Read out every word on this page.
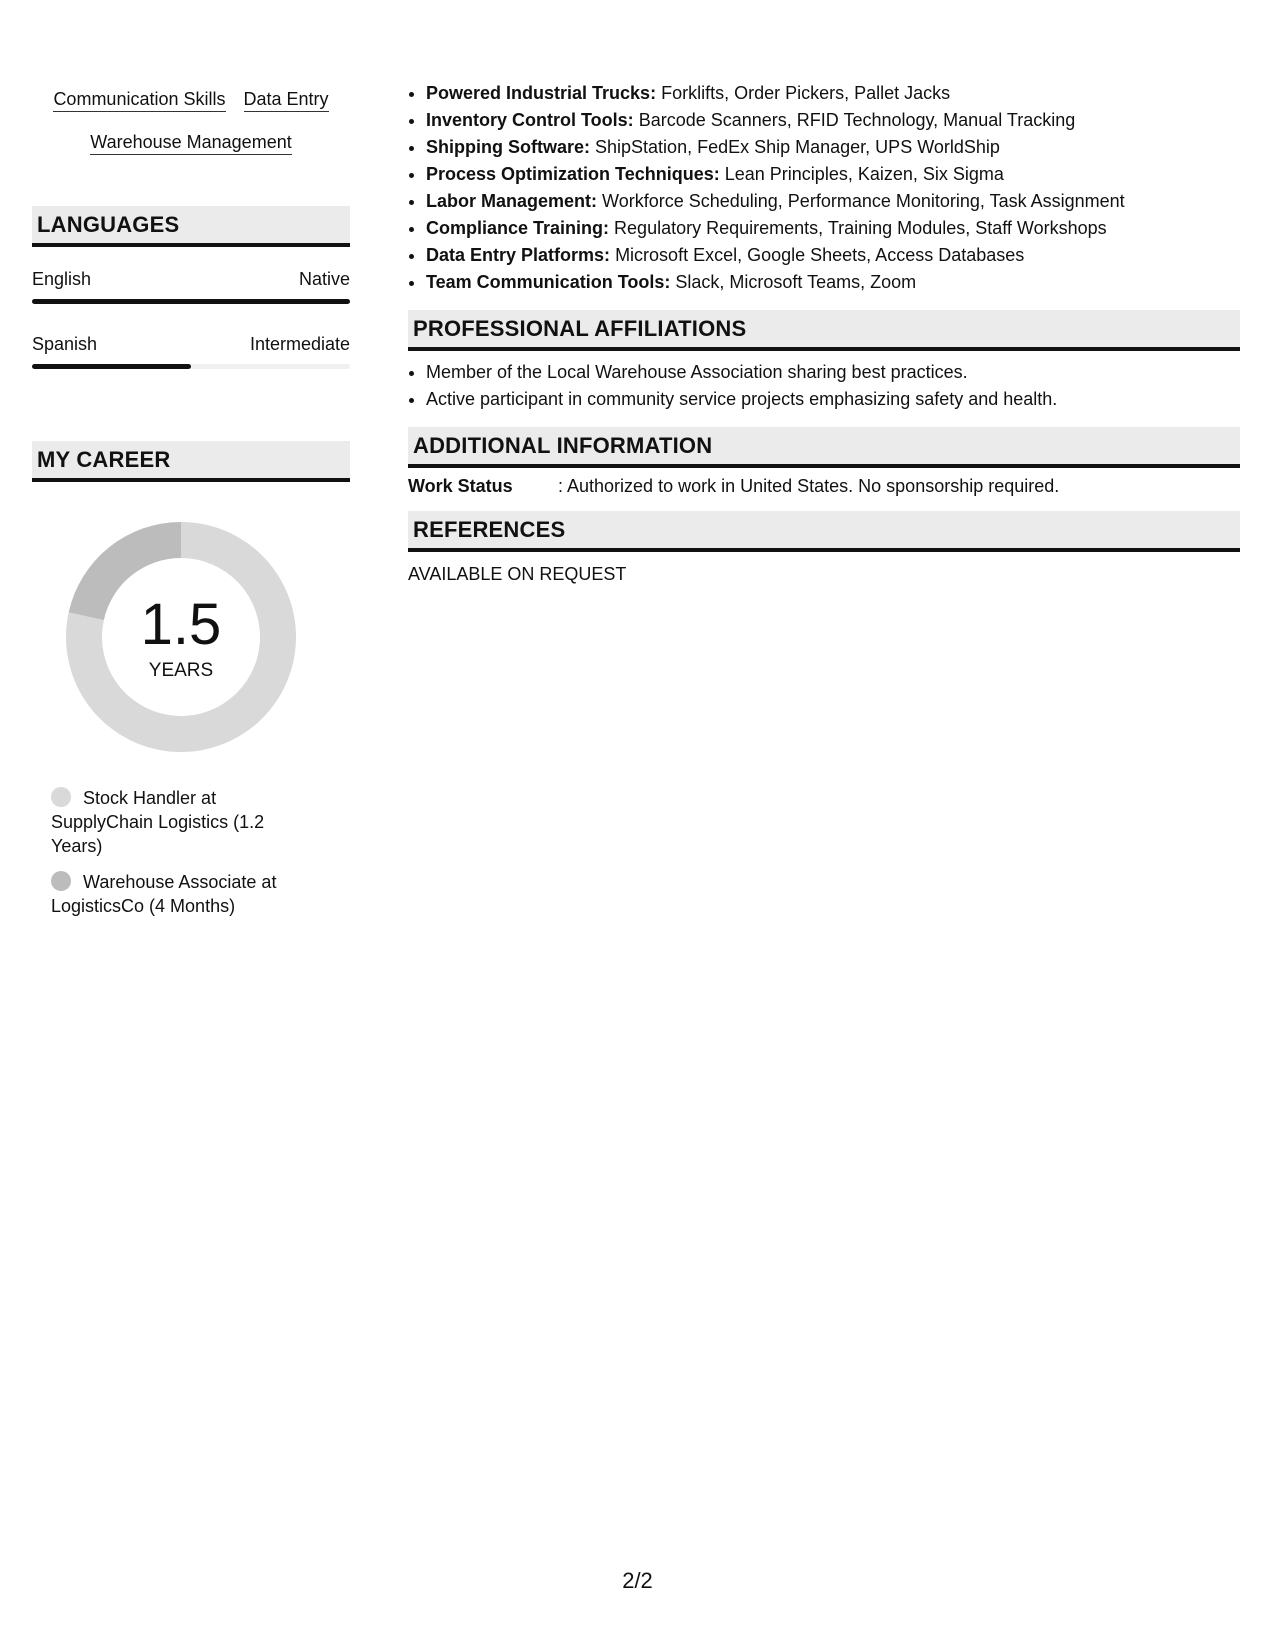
Communication Skills Data Entry
Warehouse Management
LANGUAGES
English	Native
Spanish	Intermediate
MY CAREER
1.5
YEARS
Stock Handler at SupplyChain Logistics (1.2 Years)
Warehouse Associate at LogisticsCo (4 Months)
• Powered Industrial Trucks: Forklifts, Order Pickers, Pallet Jacks
• Inventory Control Tools: Barcode Scanners, RFID Technology, Manual Tracking
• Shipping Software: ShipStation, FedEx Ship Manager, UPS WorldShip
• Process Optimization Techniques: Lean Principles, Kaizen, Six Sigma
• Labor Management: Workforce Scheduling, Performance Monitoring, Task Assignment
• Compliance Training: Regulatory Requirements, Training Modules, Staff Workshops
• Data Entry Platforms: Microsoft Excel, Google Sheets, Access Databases
• Team Communication Tools: Slack, Microsoft Teams, Zoom
PROFESSIONAL AFFILIATIONS
• Member of the Local Warehouse Association sharing best practices.
• Active participant in community service projects emphasizing safety and health.
ADDITIONAL INFORMATION
Work Status	: Authorized to work in United States. No sponsorship required.
REFERENCES
AVAILABLE ON REQUEST
2/2
